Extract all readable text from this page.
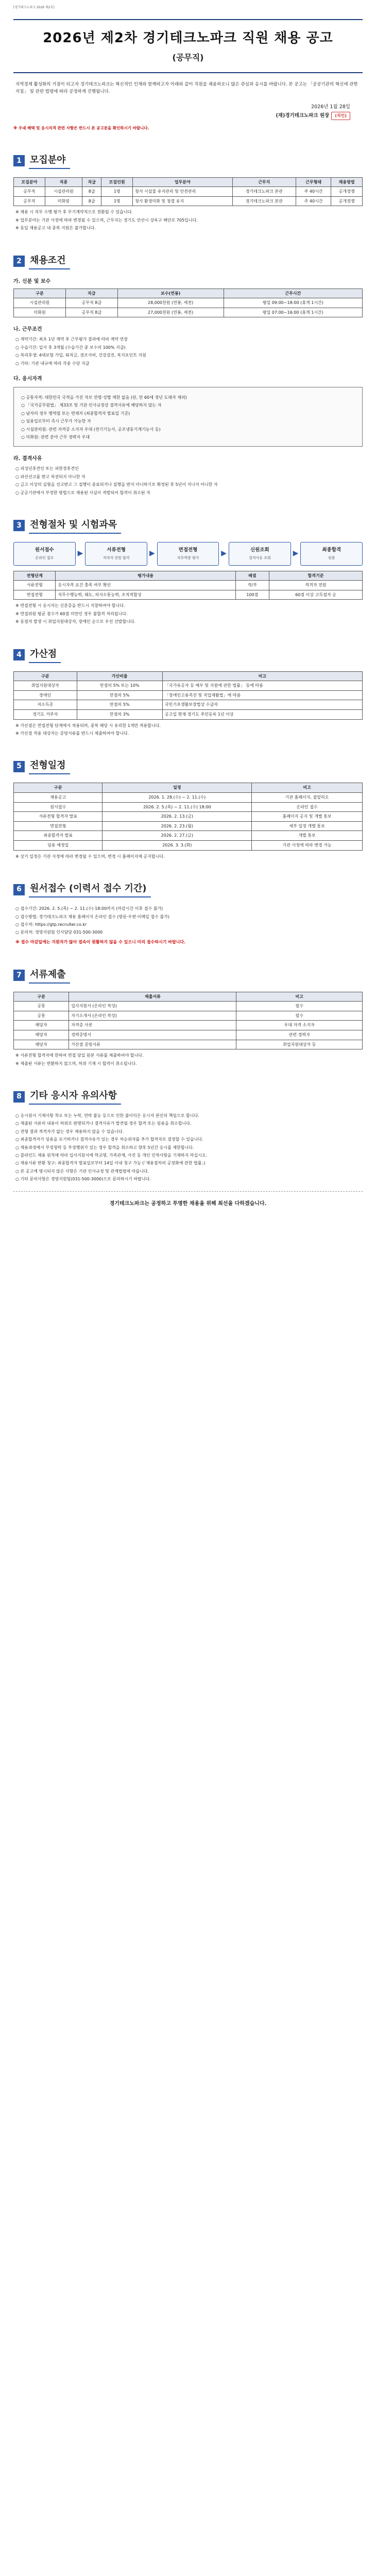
[경기테크노파크 2026 제2호]
2026년 제2차 경기테크노파크 직원 채용 공고
(공무직)
지역경제 활성화의 거점이 되고자 경기테크노파크는 혁신적인 인재와 함께하고자 아래와 같이 직원을 채용하오니 많은 관심과 응시를 바랍니다. 본 공고는 「공공기관의 혁신에 관한 지침」 및 관련 법령에 따라 공정하게 진행됩니다.
2026년 1월 28일
(재)경기테크노파크 원장 (직인)
※ 우대 혜택 및 응시자격 관련 사항은 반드시 본 공고문을 확인하시기 바랍니다.
1 모집분야
모집분야	직종	직급	모집인원	업무분야	근무지	근무형태	채용방법
공무직	시설관리원	8급	1명	청사 시설물 유지관리 및 안전관리	경기테크노파크 본관	주 40시간	공개경쟁
공무직	미화원	8급	1명	청사 환경미화 및 청결 유지	경기테크노파크 본관	주 40시간	공개경쟁
※ 채용 시 직무 수행 평가 후 무기계약직으로 전환될 수 있습니다.
※ 업무분야는 기관 사정에 따라 변경될 수 있으며, 근무지는 경기도 안산시 상록구 해안로 705입니다.
※ 동일 채용공고 내 중복 지원은 불가합니다.
2 채용조건
가. 신분 및 보수
구분	직급	보수(연봉)	근무시간
시설관리원	공무직 8급	28,000천원 (연봉, 세전)	평일 09:00~18:00 (휴게 1시간)
미화원	공무직 8급	27,000천원 (연봉, 세전)	평일 07:00~16:00 (휴게 1시간)
나. 근무조건
○ 계약기간: 최초 1년 계약 후 근무평가 결과에 따라 계약 연장
○ 수습기간: 입사 후 3개월 (수습기간 중 보수의 100% 지급)
○ 복리후생: 4대보험 가입, 퇴직금, 경조사비, 건강검진, 복지포인트 지원
○ 기타: 기관 내규에 따라 각종 수당 지급
다. 응시자격
○ 공통자격: 대한민국 국적을 가진 자로 연령·성별 제한 없음 (단, 만 60세 정년 도래자 제외)
○ 「국가공무원법」 제33조 및 기관 인사규정상 결격사유에 해당하지 않는 자
○ 남자의 경우 병역필 또는 면제자 (최종합격자 발표일 기준)
○ 임용일로부터 즉시 근무가 가능한 자
○ 시설관리원: 관련 자격증 소지자 우대 (전기기능사, 공조냉동기계기능사 등)
○ 미화원: 관련 분야 근무 경력자 우대
라. 결격사유
○ 피성년후견인 또는 피한정후견인
○ 파산선고를 받고 복권되지 아니한 자
○ 금고 이상의 실형을 선고받고 그 집행이 종료되거나 집행을 받지 아니하기로 확정된 후 5년이 지나지 아니한 자
○ 공공기관에서 부정한 방법으로 채용된 사실이 적발되어 합격이 취소된 자
3 전형절차 및 시험과목
원서접수
온라인 접수
▶	서류전형
적격자 전원 합격
▶	면접전형
직무역량 평가
▶	신원조회
결격사유 조회
▶	최종합격
임용
전형단계	평가내용	배점	합격기준
서류전형	응시자격 요건 충족 여부 확인	적/부	적격자 전원
면접전형	직무수행능력, 태도, 의사소통능력, 조직적합성	100점	60점 이상 고득점자 순
※ 면접전형 시 응시자는 신분증을 반드시 지참하여야 합니다.
※ 면접위원 평균 점수가 60점 미만인 경우 불합격 처리됩니다.
※ 동점자 발생 시 취업지원대상자, 장애인 순으로 우선 선발합니다.
4 가산점
구분	가산비율	비고
취업지원대상자	만점의 5% 또는 10%	「국가유공자 등 예우 및 지원에 관한 법률」 등에 따름
장애인	만점의 5%	「장애인고용촉진 및 직업재활법」에 따름
저소득층	만점의 5%	국민기초생활보장법상 수급자
경기도 거주자	만점의 3%	공고일 현재 경기도 주민등록 1년 이상
※ 가산점은 면접전형 단계에서 적용되며, 중복 해당 시 유리한 1개만 적용합니다.
※ 가산점 적용 대상자는 증빙서류를 반드시 제출하여야 합니다.
5 전형일정
구분	일정	비고
채용공고	2026. 1. 28.(수) ~ 2. 11.(수)	기관 홈페이지, 잡알리오
원서접수	2026. 2. 5.(목) ~ 2. 11.(수) 18:00	온라인 접수
서류전형 합격자 발표	2026. 2. 13.(금)	홈페이지 공지 및 개별 통보
면접전형	2026. 2. 23.(월)	세부 일정 개별 통보
최종합격자 발표	2026. 2. 27.(금)	개별 통보
임용 예정일	2026. 3. 3.(화)	기관 사정에 따라 변경 가능
※ 상기 일정은 기관 사정에 따라 변경될 수 있으며, 변경 시 홈페이지에 공지합니다.
6 원서접수 (이력서 접수 기간)
○ 접수기간: 2026. 2. 5.(목) ~ 2. 11.(수) 18:00까지 (마감시간 이후 접수 불가)
○ 접수방법: 경기테크노파크 채용 홈페이지 온라인 접수 (방문·우편·이메일 접수 불가)
○ 접수처: https://gtp.recruiter.co.kr
○ 문의처: 경영지원팀 인사담당 031-500-3000
※ 접수 마감일에는 지원자가 많아 접속이 원활하지 않을 수 있으니 미리 접수하시기 바랍니다.
7 서류제출
구분	제출서류	비고
공통	입사지원서 (온라인 작성)	필수
공통	자기소개서 (온라인 작성)	필수
해당자	자격증 사본	우대 자격 소지자
해당자	경력증명서	관련 경력자
해당자	가산점 증빙서류	취업지원대상자 등
※ 서류전형 합격자에 한하여 면접 당일 원본 서류를 제출하여야 합니다.
※ 제출된 서류는 반환하지 않으며, 허위 기재 시 합격이 취소됩니다.
8 기타 응시자 유의사항
○ 응시원서 기재사항 착오 또는 누락, 연락 불능 등으로 인한 불이익은 응시자 본인의 책임으로 합니다.
○ 제출된 서류의 내용이 허위로 판명되거나 결격사유가 발견될 경우 합격 또는 임용을 취소합니다.
○ 전형 결과 적격자가 없는 경우 채용하지 않을 수 있습니다.
○ 최종합격자가 임용을 포기하거나 결격사유가 있는 경우 차순위자를 추가 합격자로 결정할 수 있습니다.
○ 채용과정에서 부정청탁 등 부정행위가 있는 경우 합격을 취소하고 향후 5년간 응시를 제한합니다.
○ 블라인드 채용 원칙에 따라 입사지원서에 학교명, 가족관계, 사진 등 개인 인적사항을 기재하지 마십시오.
○ 채용서류 반환 청구: 최종합격자 발표일로부터 14일 이내 청구 가능 (「채용절차의 공정화에 관한 법률」)
○ 본 공고에 명시되지 않은 사항은 기관 인사규정 및 관계법령에 따릅니다.
○ 기타 문의사항은 경영지원팀(031-500-3000)으로 문의하시기 바랍니다.
경기테크노파크는 공정하고 투명한 채용을 위해 최선을 다하겠습니다.
